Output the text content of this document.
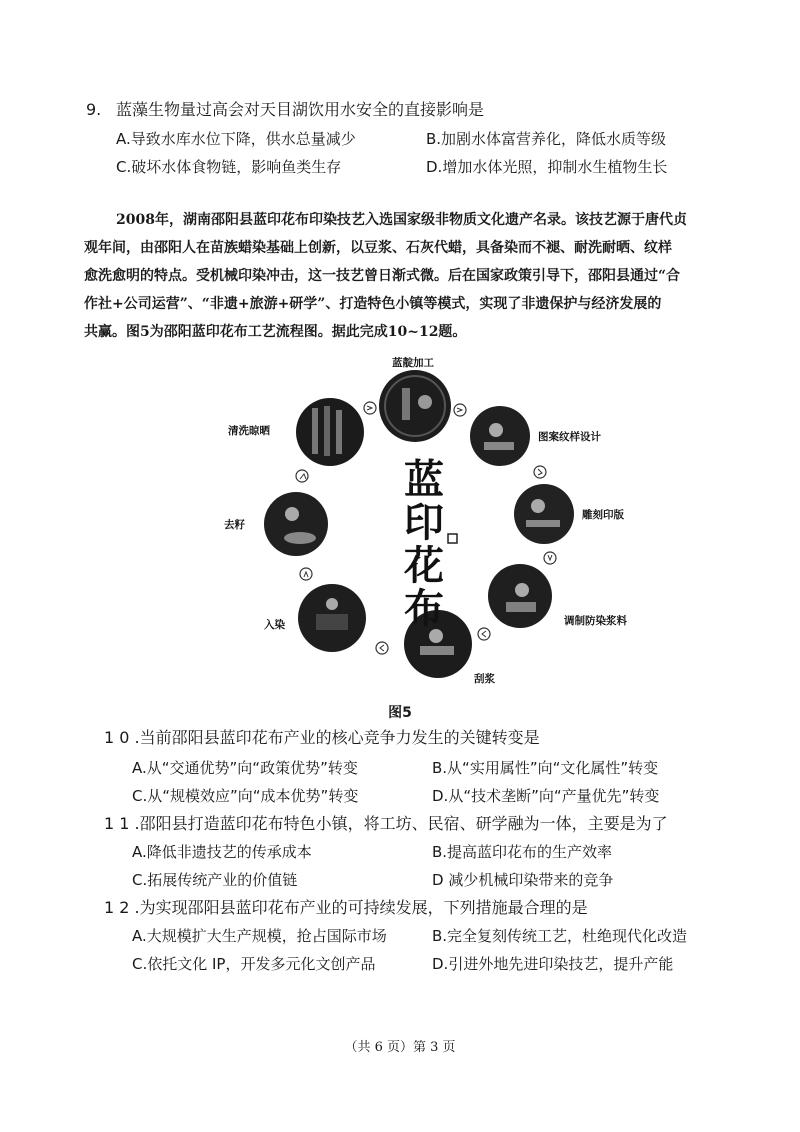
9. 蓝藻生物量过高会对天目湖饮用水安全的直接影响是
A.导致水库水位下降，供水总量减少	B.加剧水体富营养化，降低水质等级
C.破坏水体食物链，影响鱼类生存	D.增加水体光照，抑制水生植物生长
2008年，湖南邵阳县蓝印花布印染技艺入选国家级非物质文化遗产名录。该技艺源于唐代贞
观年间，由邵阳人在苗族蜡染基础上创新，以豆浆、石灰代蜡，具备染而不褪、耐洗耐晒、纹样
愈洗愈明的特点。受机械印染冲击，这一技艺曾日渐式微。后在国家政策引导下，邵阳县通过“合
作社+公司运营”、“非遗+旅游+研学”、打造特色小镇等模式，实现了非遗保护与经济发展的
共赢。图5为邵阳蓝印花布工艺流程图。据此完成10~12题。
蓝靛加工
图案纹样设计
雕刻印版
调制防染浆料
刮浆
入染
去籽
清洗晾晒
蓝
印
花
布
图5
1 0 .当前邵阳县蓝印花布产业的核心竞争力发生的关键转变是
A.从“交通优势”向“政策优势”转变	B.从“实用属性”向“文化属性”转变
C.从“规模效应”向“成本优势”转变	D.从“技术垄断”向“产量优先”转变
1 1 .邵阳县打造蓝印花布特色小镇，将工坊、民宿、研学融为一体，主要是为了
A.降低非遗技艺的传承成本	B.提高蓝印花布的生产效率
C.拓展传统产业的价值链	D 减少机械印染带来的竞争
1 2 .为实现邵阳县蓝印花布产业的可持续发展，下列措施最合理的是
A.大规模扩大生产规模，抢占国际市场	B.完全复刻传统工艺，杜绝现代化改造
C.依托文化 IP，开发多元化文创产品	D.引进外地先进印染技艺，提升产能
（共 6 页）第 3 页
